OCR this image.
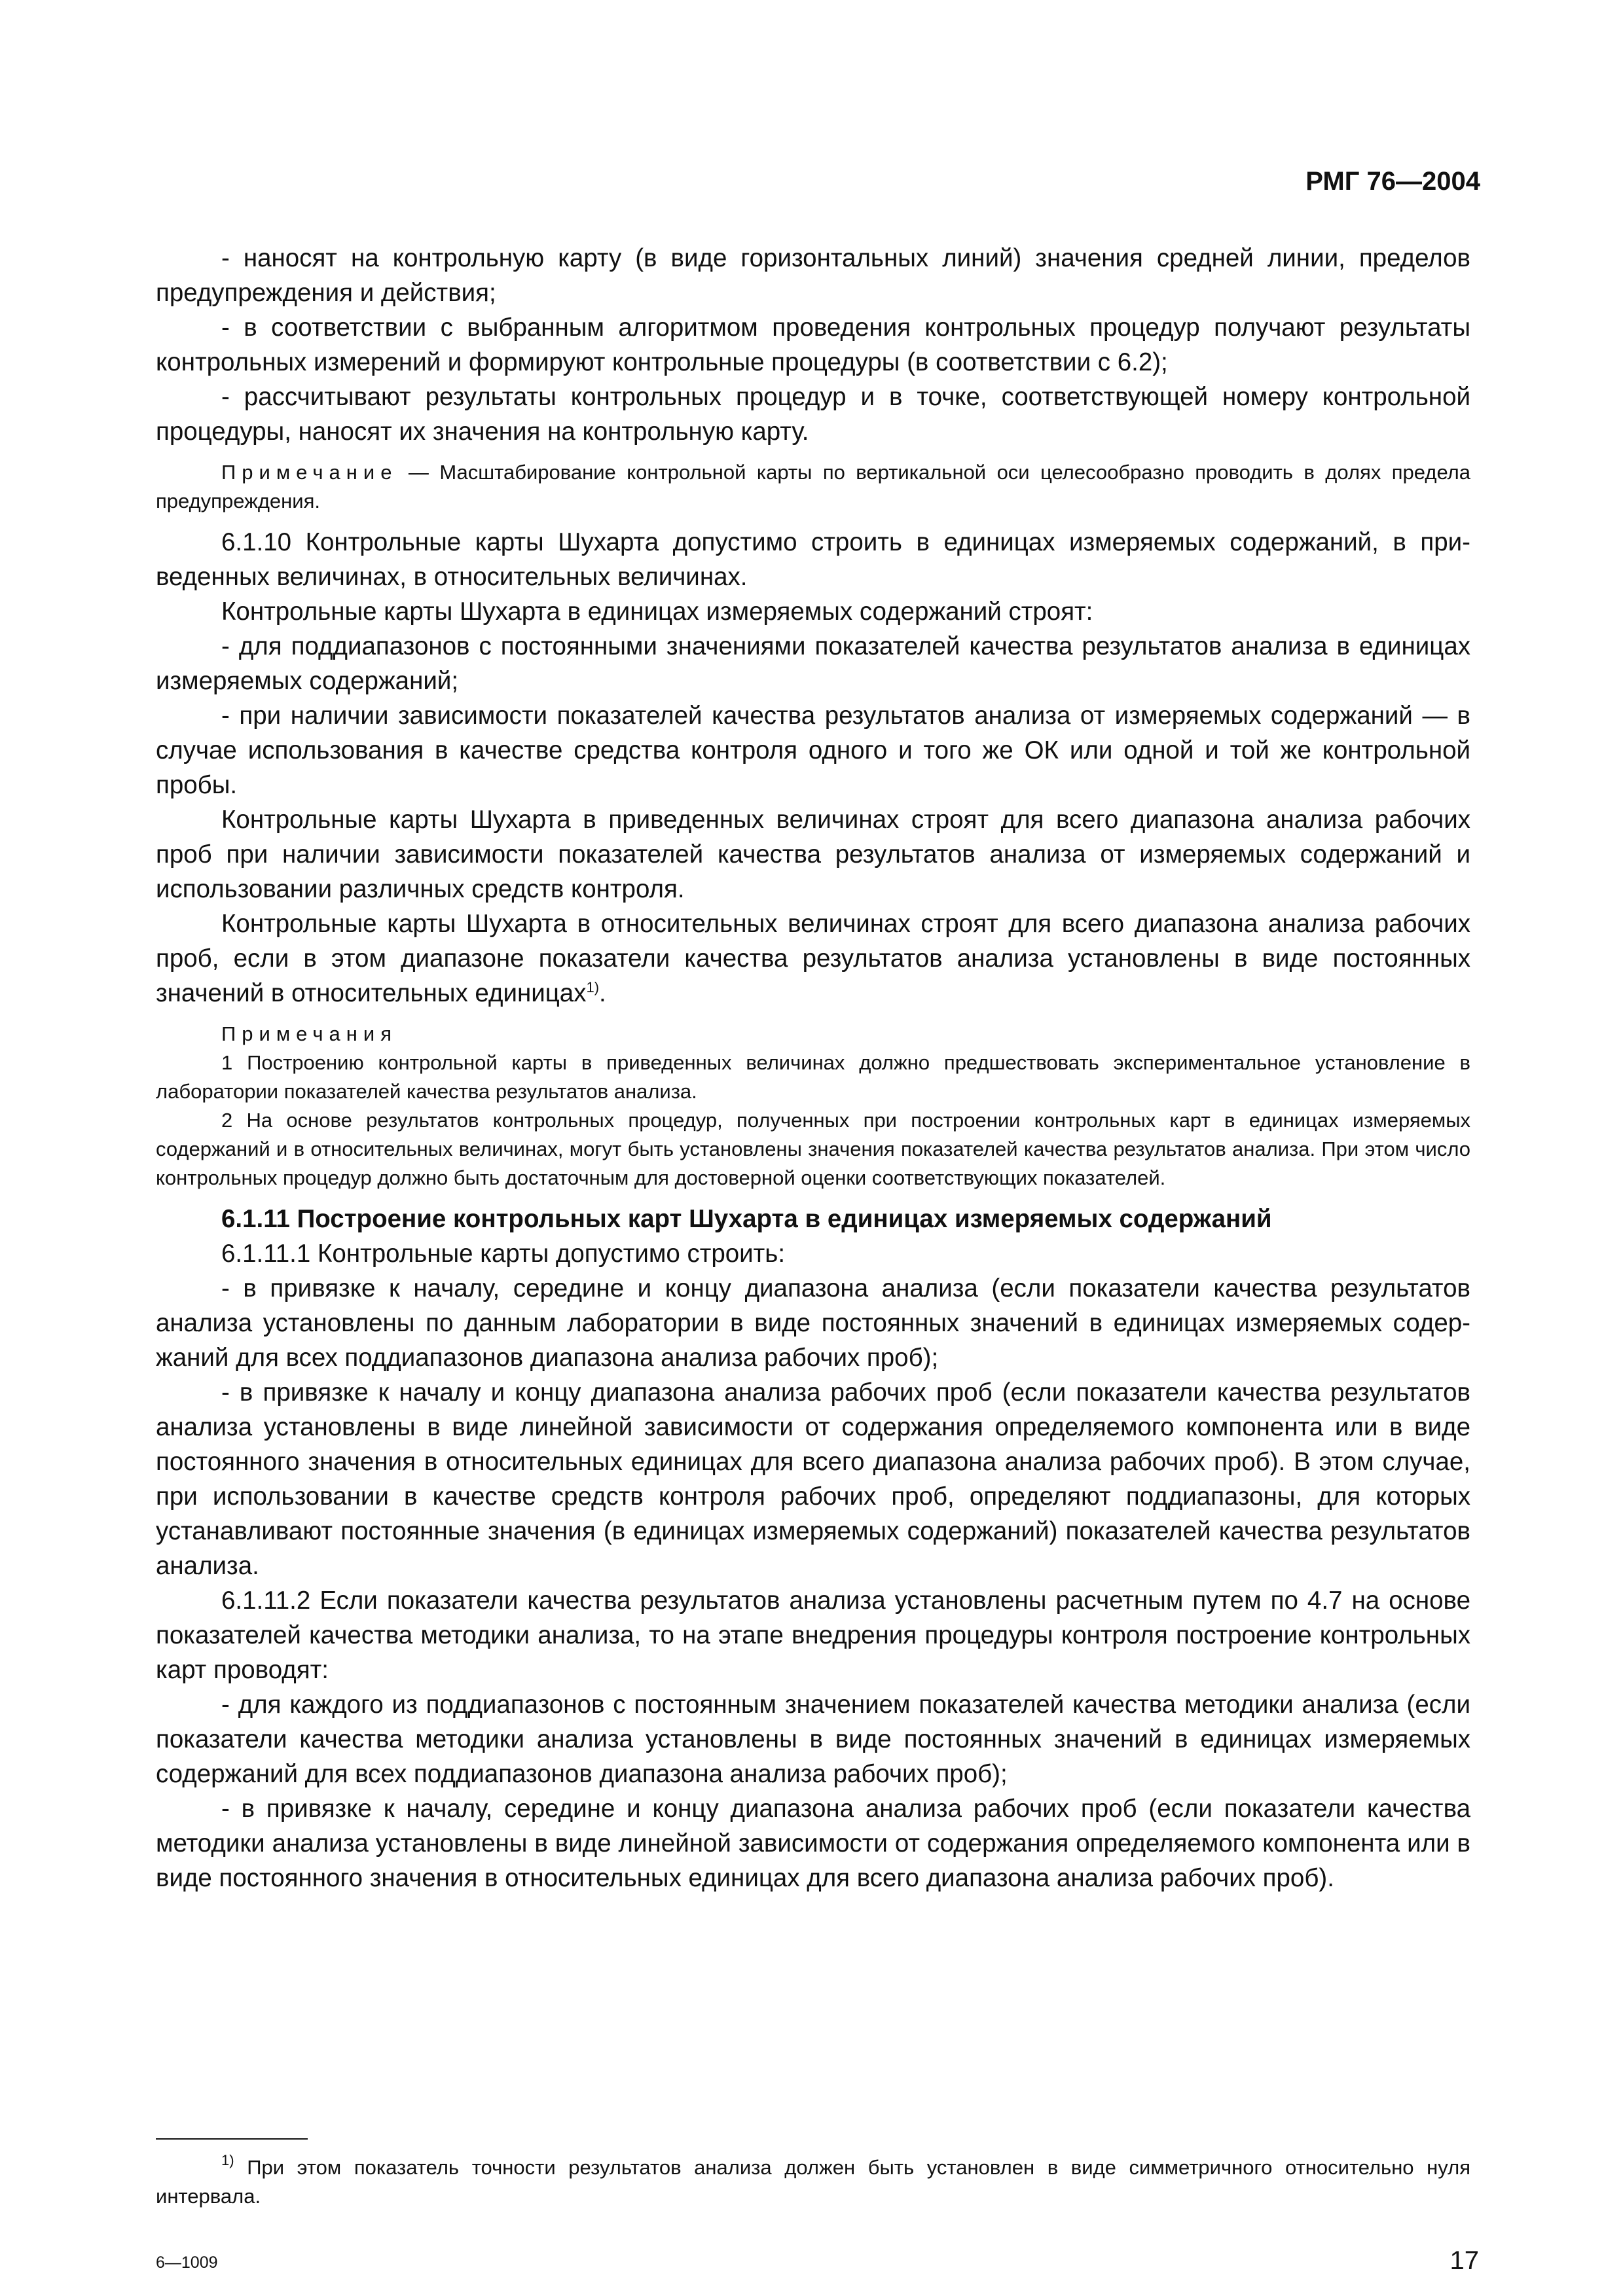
РМГ 76—2004

- наносят на контрольную карту (в виде горизонтальных линий) значения средней линии, пределов предупреждения и действия;

- в соответствии с выбранным алгоритмом проведения контрольных процедур получают результаты контрольных измерений и формируют контрольные процедуры (в соответствии с 6.2);

- рассчитывают результаты контрольных процедур и в точке, соответствующей номеру контрольной процедуры, наносят их значения на контрольную карту.

Примечание — Масштабирование контрольной карты по вертикальной оси целесообразно проводить в долях предела предупреждения.

6.1.10 Контрольные карты Шухарта допустимо строить в единицах измеряемых содержаний, в приведенных величинах, в относительных величинах.

Контрольные карты Шухарта в единицах измеряемых содержаний строят:

- для поддиапазонов с постоянными значениями показателей качества результатов анализа в единицах измеряемых содержаний;

- при наличии зависимости показателей качества результатов анализа от измеряемых содержаний — в случае использования в качестве средства контроля одного и того же ОК или одной и той же контрольной пробы.

Контрольные карты Шухарта в приведенных величинах строят для всего диапазона анализа рабочих проб при наличии зависимости показателей качества результатов анализа от измеряемых содержаний и использовании различных средств контроля.

Контрольные карты Шухарта в относительных величинах строят для всего диапазона анализа рабочих проб, если в этом диапазоне показатели качества результатов анализа установлены в виде постоянных значений в относительных единицах$^{1)}$.

Примечания

1 Построению контрольной карты в приведенных величинах должно предшествовать экспериментальное установление в лаборатории показателей качества результатов анализа.

2 На основе результатов контрольных процедур, полученных при построении контрольных карт в единицах измеряемых содержаний и в относительных величинах, могут быть установлены значения показателей качества результатов анализа. При этом число контрольных процедур должно быть достаточным для достоверной оценки соответствующих показателей.

6.1.11 Построение контрольных карт Шухарта в единицах измеряемых содержаний

6.1.11.1 Контрольные карты допустимо строить:

- в привязке к началу, середине и концу диапазона анализа (если показатели качества результатов анализа установлены по данным лаборатории в виде постоянных значений в единицах измеряемых содержаний для всех поддиапазонов диапазона анализа рабочих проб);

- в привязке к началу и концу диапазона анализа рабочих проб (если показатели качества результатов анализа установлены в виде линейной зависимости от содержания определяемого компонента или в виде постоянного значения в относительных единицах для всего диапазона анализа рабочих проб). В этом случае, при использовании в качестве средств контроля рабочих проб, определяют поддиапазоны, для которых устанавливают постоянные значения (в единицах измеряемых содержаний) показателей качества результатов анализа.

6.1.11.2 Если показатели качества результатов анализа установлены расчетным путем по 4.7 на основе показателей качества методики анализа, то на этапе внедрения процедуры контроля построение контрольных карт проводят:

- для каждого из поддиапазонов с постоянным значением показателей качества методики анализа (если показатели качества методики анализа установлены в виде постоянных значений в единицах измеряемых содержаний для всех поддиапазонов диапазона анализа рабочих проб);

- в привязке к началу, середине и концу диапазона анализа рабочих проб (если показатели качества методики анализа установлены в виде линейной зависимости от содержания определяемого компонента или в виде постоянного значения в относительных единицах для всего диапазона анализа рабочих проб).

$^{1)}$ При этом показатель точности результатов анализа должен быть установлен в виде симметричного относительно нуля интервала.

6—1009	17
